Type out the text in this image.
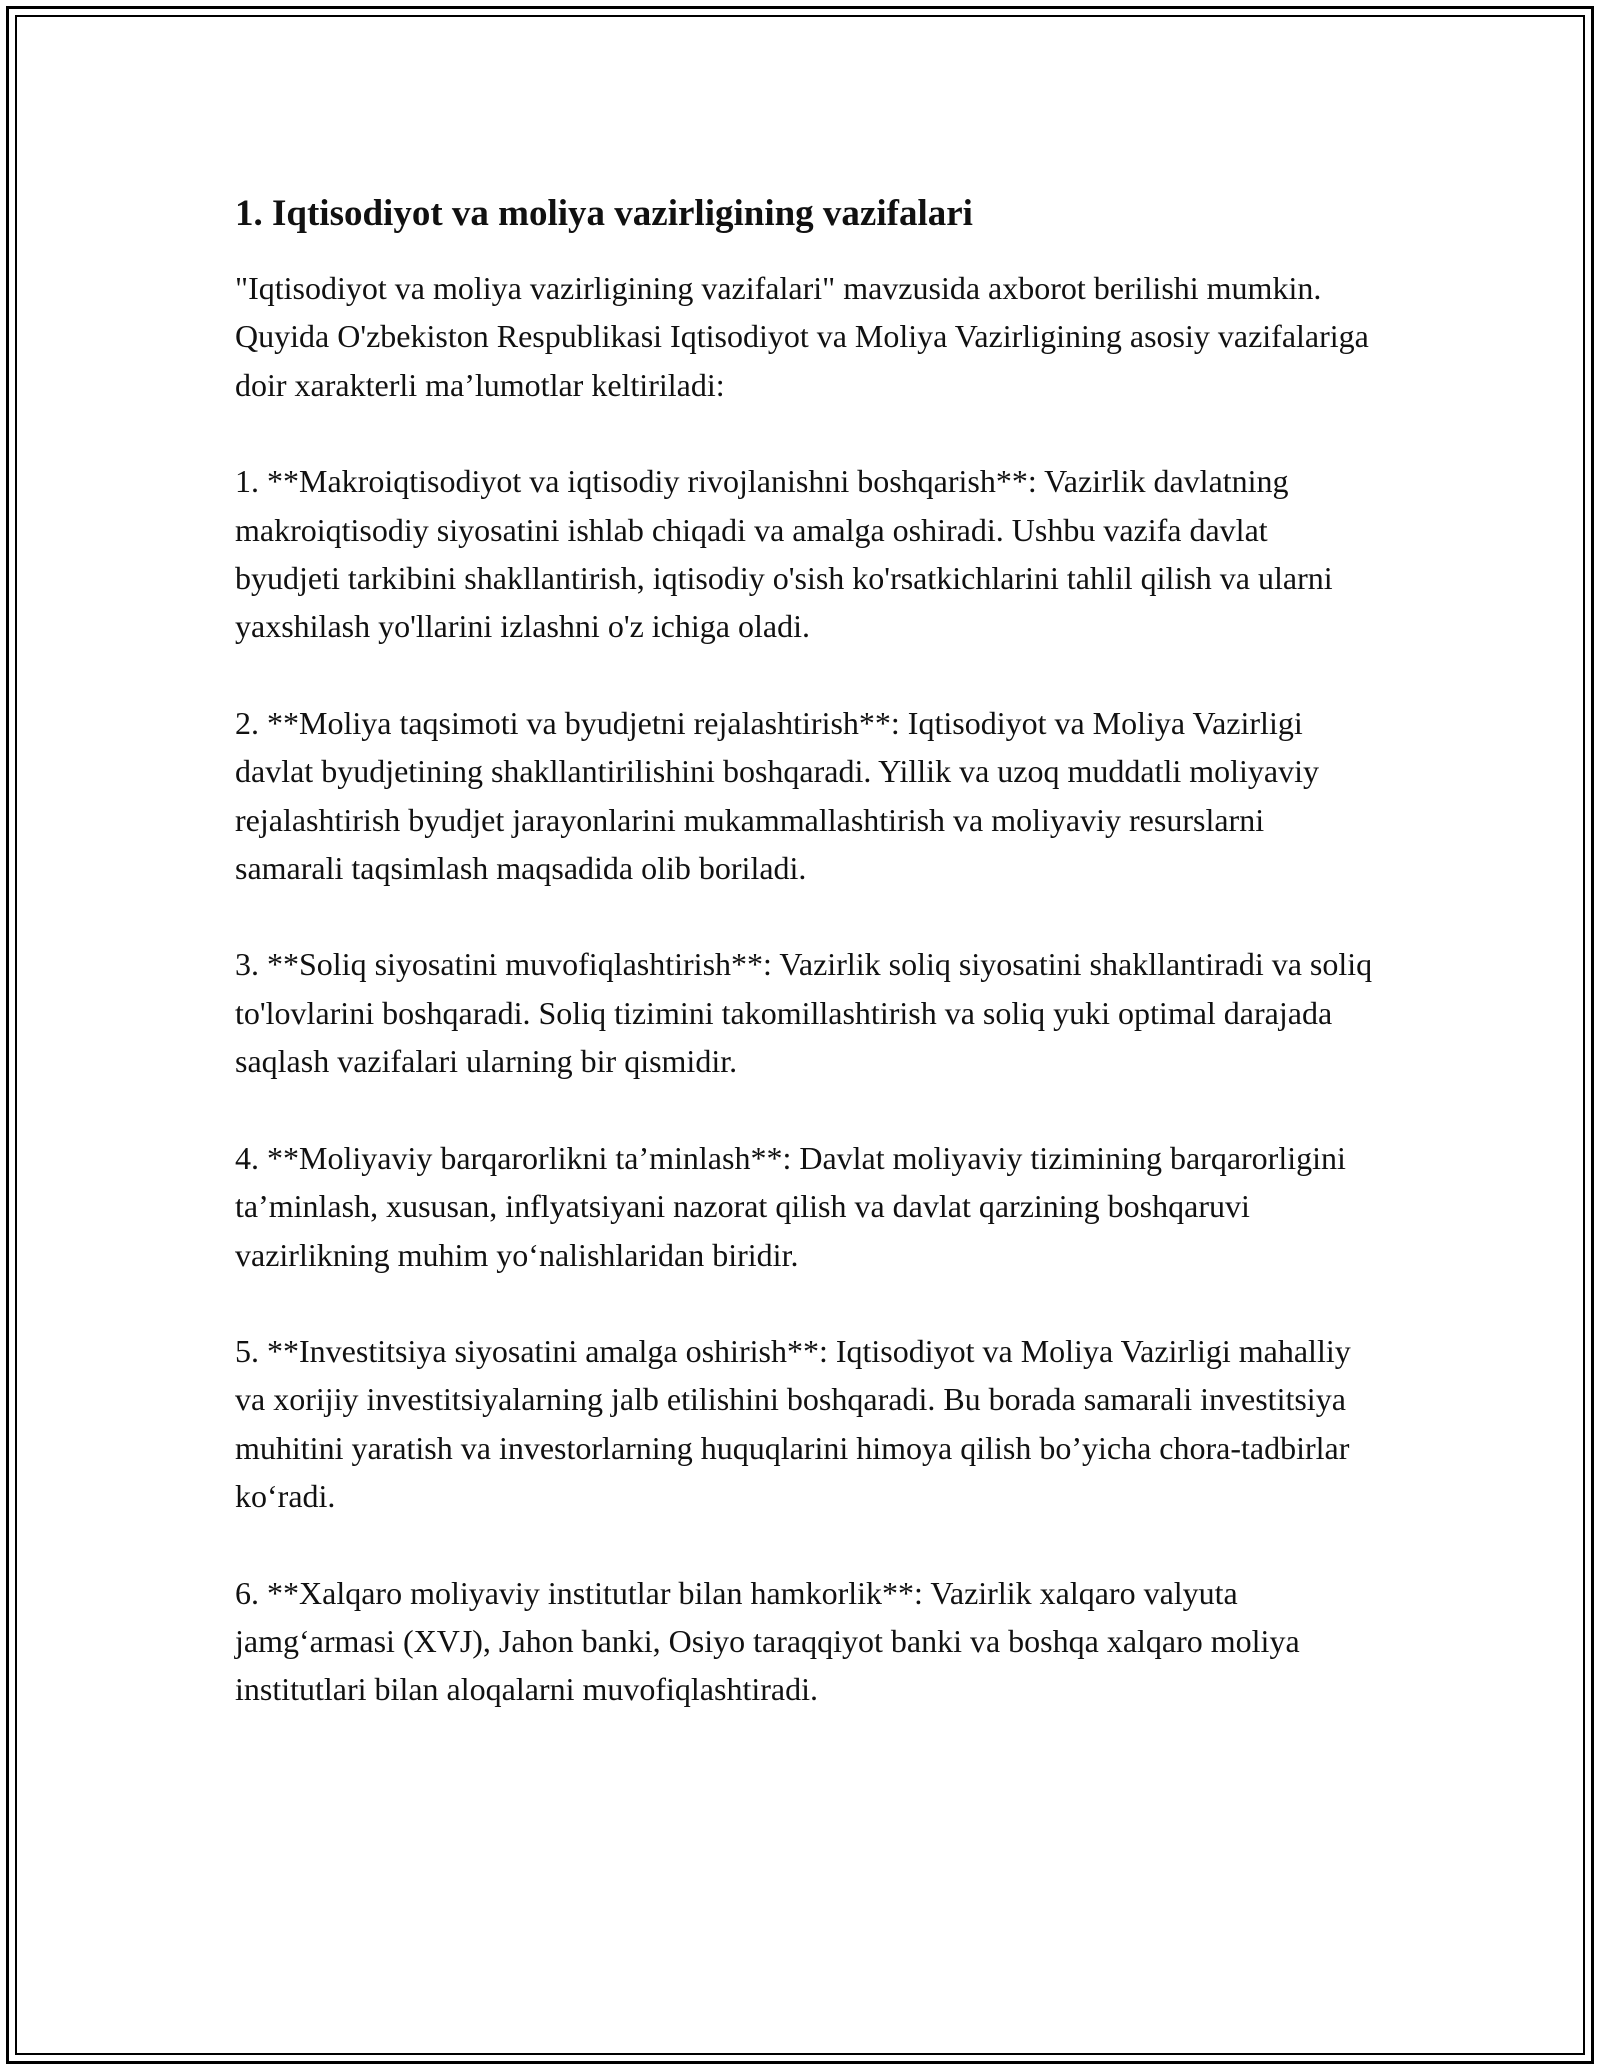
1. Iqtisodiyot va moliya vazirligining vazifalari

"Iqtisodiyot va moliya vazirligining vazifalari" mavzusida axborot berilishi mumkin. Quyida O'zbekiston Respublikasi Iqtisodiyot va Moliya Vazirligining asosiy vazifalariga doir xarakterli ma’lumotlar keltiriladi:

1. **Makroiqtisodiyot va iqtisodiy rivojlanishni boshqarish**: Vazirlik davlatning makroiqtisodiy siyosatini ishlab chiqadi va amalga oshiradi. Ushbu vazifa davlat byudjeti tarkibini shakllantirish, iqtisodiy o'sish ko'rsatkichlarini tahlil qilish va ularni yaxshilash yo'llarini izlashni o'z ichiga oladi.

2. **Moliya taqsimoti va byudjetni rejalashtirish**: Iqtisodiyot va Moliya Vazirligi davlat byudjetining shakllantirilishini boshqaradi. Yillik va uzoq muddatli moliyaviy rejalashtirish byudjet jarayonlarini mukammallashtirish va moliyaviy resurslarni samarali taqsimlash maqsadida olib boriladi.

3. **Soliq siyosatini muvofiqlashtirish**: Vazirlik soliq siyosatini shakllantiradi va soliq to'lovlarini boshqaradi. Soliq tizimini takomillashtirish va soliq yuki optimal darajada saqlash vazifalari ularning bir qismidir.

4. **Moliyaviy barqarorlikni ta’minlash**: Davlat moliyaviy tizimining barqarorligini ta’minlash, xususan, inflyatsiyani nazorat qilish va davlat qarzining boshqaruvi vazirlikning muhim yo‘nalishlaridan biridir.

5. **Investitsiya siyosatini amalga oshirish**: Iqtisodiyot va Moliya Vazirligi mahalliy va xorijiy investitsiyalarning jalb etilishini boshqaradi. Bu borada samarali investitsiya muhitini yaratish va investorlarning huquqlarini himoya qilish bo’yicha chora-tadbirlar ko‘radi.

6. **Xalqaro moliyaviy institutlar bilan hamkorlik**: Vazirlik xalqaro valyuta jamg‘armasi (XVJ), Jahon banki, Osiyo taraqqiyot banki va boshqa xalqaro moliya institutlari bilan aloqalarni muvofiqlashtiradi.
